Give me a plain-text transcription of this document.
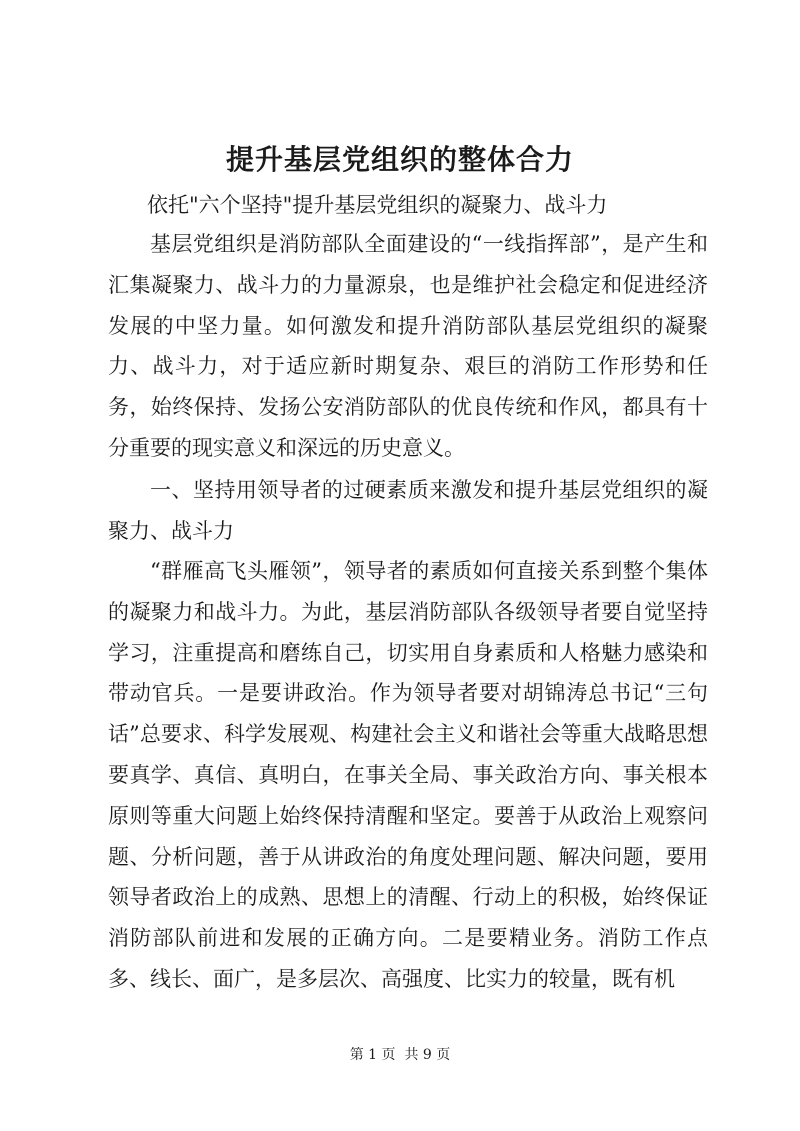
提升基层党组织的整体合力

依托"六个坚持"提升基层党组织的凝聚力、战斗力

基层党组织是消防部队全面建设的“一线指挥部”，是产生和汇集凝聚力、战斗力的力量源泉，也是维护社会稳定和促进经济发展的中坚力量。如何激发和提升消防部队基层党组织的凝聚力、战斗力，对于适应新时期复杂、艰巨的消防工作形势和任务，始终保持、发扬公安消防部队的优良传统和作风，都具有十分重要的现实意义和深远的历史意义。

一、坚持用领导者的过硬素质来激发和提升基层党组织的凝聚力、战斗力

“群雁高飞头雁领”，领导者的素质如何直接关系到整个集体的凝聚力和战斗力。为此，基层消防部队各级领导者要自觉坚持学习，注重提高和磨练自己，切实用自身素质和人格魅力感染和带动官兵。一是要讲政治。作为领导者要对胡锦涛总书记“三句话”总要求、科学发展观、构建社会主义和谐社会等重大战略思想要真学、真信、真明白，在事关全局、事关政治方向、事关根本原则等重大问题上始终保持清醒和坚定。要善于从政治上观察问题、分析问题，善于从讲政治的角度处理问题、解决问题，要用领导者政治上的成熟、思想上的清醒、行动上的积极，始终保证消防部队前进和发展的正确方向。二是要精业务。消防工作点多、线长、面广，是多层次、高强度、比实力的较量，既有机

第 1 页  共 9 页
